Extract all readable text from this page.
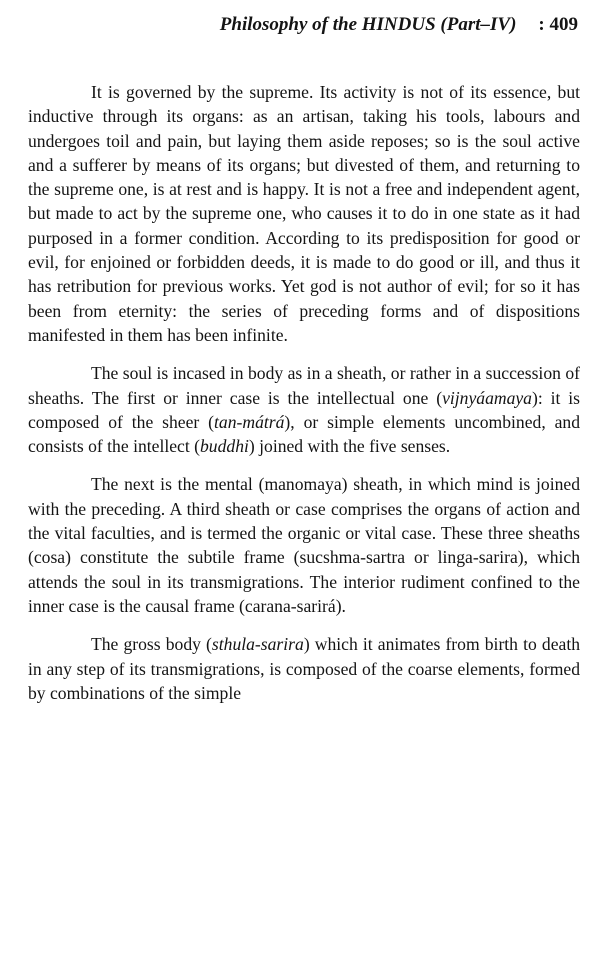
Philosophy of the HINDUS (Part–IV) : 409

It is governed by the supreme. Its activity is not of its essence, but inductive through its organs: as an artisan, taking his tools, labours and undergoes toil and pain, but laying them aside reposes; so is the soul active and a sufferer by means of its organs; but divested of them, and returning to the supreme one, is at rest and is happy. It is not a free and independent agent, but made to act by the supreme one, who causes it to do in one state as it had purposed in a former condition. According to its predisposition for good or evil, for enjoined or forbidden deeds, it is made to do good or ill, and thus it has retribution for previous works. Yet god is not author of evil; for so it has been from eternity: the series of preceding forms and of dispositions manifested in them has been infinite.

The soul is incased in body as in a sheath, or rather in a succession of sheaths. The first or inner case is the intellectual one (vijnyáamaya): it is composed of the sheer (tan-mátrá), or simple elements uncombined, and consists of the intellect (buddhi) joined with the five senses.

The next is the mental (manomaya) sheath, in which mind is joined with the preceding. A third sheath or case comprises the organs of action and the vital faculties, and is termed the organic or vital case. These three sheaths (cosa) constitute the subtile frame (sucshma-sartra or linga-sarira), which attends the soul in its transmigrations. The interior rudiment confined to the inner case is the causal frame (carana-sarirá).

The gross body (sthula-sarira) which it animates from birth to death in any step of its transmigrations, is composed of the coarse elements, formed by combinations of the simple
